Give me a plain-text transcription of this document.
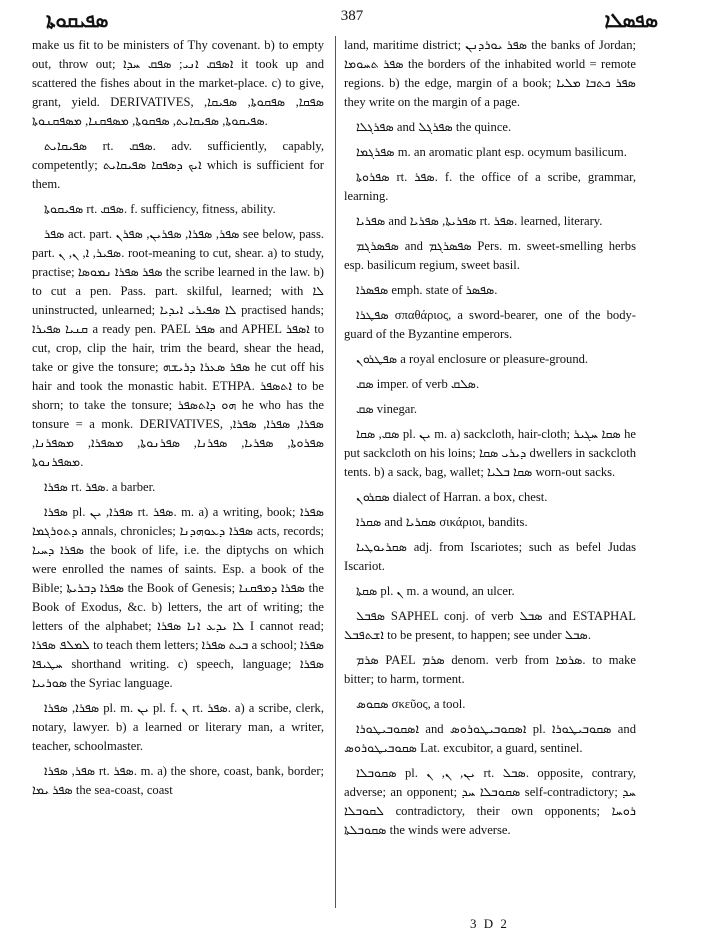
ܣܦܝܩܘܬܐ	387	ܣܦܣܠܐ

make us fit to be ministers of Thy covenant. b) to empty out, throw out; ܐܣܦܩ ܐܢܝ; ܣܦܩ ܚܕܐ it took up and scattered the fishes about in the market-place. c) to give, grant, yield. DERIVATIVES, ܣܦܩܐ, ܣܦܩܘܬܐ, ܣܦܝܩܐ, ܣܦܝܩܘܬܐ, ܣܦܝܩܐܝܬ, ܣܦܩܘܬܐ, ܡܣܦܩܢܐ, ܡܣܦܩܢܘܬܐ.

ܣܦܝܩܐܝܬ rt. ܣܦܩ. adv. sufficiently, capably, competently; ܐܝܟ ܕܣܦܩܐ ܣܦܝܩܐܝܬ which is sufficient for them.

ܣܦܝܩܘܬܐ rt. ܣܦܩ. f. sufficiency, fitness, ability.

ܣܦܪ act. part. ܣܦܪ, ܣܦܪܐ, ܣܦܪܝܢ, ܣܦܪܢ see below, pass. part. ܣܦܝܪ, ܐ, ܢ, ܢ. root-meaning to cut, shear. a) to study, practise; ܣܦܪ ܣܦܪܐ ܢܡܘܣܐ the scribe learned in the law. b) to cut a pen. Pass. part. skilful, learned; with ܠܐ uninstructed, unlearned; ܠܐ ܣܦܝܪܝ ܐܝܕܝܐ practised hands; ܩܢܝܐ ܣܦܝܪܐ a ready pen. PAEL ܣܦܪ and APHEL ܐܣܦܪ to cut, crop, clip the hair, trim the beard, shear the head, take or give the tonsure; ܣܦܪ ܣܥܪܐ ܕܪܝܫܗ he cut off his hair and took the monastic habit. ETHPA. ܐܬܣܦܪ to be shorn; to take the tonsure; ܗܘ ܕܐܬܣܦܪ he who has the tonsure = a monk. DERIVATIVES, ܣܦܪܐ, ܣܦܪܐ, ܣܦܪܐ, ܣܦܪܘܬܐ, ܣܦܪܝܐ, ܣܦܪܢܐ, ܣܦܪܢܘܬܐ, ܡܣܦܪܐ, ܡܣܦܪܢܐ, ܡܣܦܪܢܘܬܐ.

ܣܦܪܐ rt. ܣܦܪ. a barber.

ܣܦܪܐ pl. ܣܦܪܐ, ܝܢ rt. ܣܦܪ. m. a) a writing, book; ܣܦܪܐ ܕܬܘܪܓܡܐ annals, chronicles; ܣܦܪܐ ܕܥܘܗܕܢܐ acts, records; ܣܦܪܐ ܕܚܝܐ the book of life, i.e. the diptychs on which were enrolled the names of saints. Esp. a book of the Bible; ܣܦܪܐ ܕܒܪܝܬܐ the Book of Genesis; ܣܦܪܐ ܕܡܦܩܢܐ the Book of Exodus, &c. b) letters, the art of writing; the letters of the alphabet; ܠܐ ܝܕܥ ܐܢܐ ܣܦܪܐ I cannot read; ܠܡܠܦ ܣܦܪܐ to teach them letters; ܒܝܬ ܣܦܪܐ a school; ܣܦܪܐ ܚܛܝܦܐ shorthand writing. c) speech, language; ܣܦܪܐ ܣܘܪܝܝܐ the Syriac language.

ܣܦܪܐ, ܣܦܪܐ pl. m. ܝܢ pl. f. ܢ rt. ܣܦܪ. a) a scribe, clerk, notary, lawyer. b) a learned or literary man, a writer, teacher, schoolmaster.

ܣܦܪ, ܣܦܪܐ rt. ܣܦܪ. m. a) the shore, coast, bank, border; ܣܦܪ ܝܡܐ the sea-coast, coast

land, maritime district; ܣܦܪ ܝܘܪܕܢܢ the banks of Jordan; ܣܦܪ ܬܚܘܡܐ the borders of the inhabited world = remote regions. b) the edge, margin of a book; ܣܦܪ ܟܬܒܐ ܡܠܝܐ they write on the margin of a page.

ܣܦܪܓܠܐ and ܣܦܪܓܠ the quince.

ܣܦܪܓܡܐ m. an aromatic plant esp. ocymum basilicum.

ܣܦܪܘܬܐ rt. ܣܦܪ. f. the office of a scribe, grammar, learning.

ܣܦܪܝܐ and ܣܦܪܝܬܐ, ܣܦܪܝܐ rt. ܣܦܪ. learned, literary.

ܣܦܣܪܓܡ and ܣܦܣܪܓܡ Pers. m. sweet-smelling herbs esp. basilicum regium, sweet basil.

ܣܦܣܪܐ emph. state of ܣܦܣܪ.

ܣܦܛܪܐ σπαθάριος, a sword-bearer, one of the body-guard of the Byzantine emperors.

ܣܦܛܪܘܢ a royal enclosure or pleasure-ground.

ܣܩ imper. of verb ܣܠܩ.

ܣܩ vinegar.

ܣܩ, ܣܩܐ pl. ܝܢ m. a) sackcloth, hair-cloth; ܣܩܐ ܚܓܝܪ he put sackcloth on his loins; ܕܝܪܝ ܣܩܐ dwellers in sackcloth tents. b) a sack, bag, wallet; ܣܩܐ ܒܠܝܐ worn-out sacks.

ܣܩܪܘܢ dialect of Harran. a box, chest.

ܣܩܪܐ and ܣܩܪܝܐ σικάριοι, bandits.

ܣܩܪܝܘܛܝܐ adj. from Iscariotes; such as befel Judas Iscariot.

ܣܩܬܐ pl. ܢ m. a wound, an ulcer.

ܣܦܒܠ SAPHEL conj. of verb ܣܒܠ and ESTAPHAL ܐܫܬܦܒܠ to be present, to happen; see under ܣܒܠ.

ܣܪܡ PAEL ܣܪܡ denom. verb from ܣܪܡܐ. to make bitter; to harm, torment.

ܣܩܘܣ σκεῦος, a tool.

ܐܣܩܘܒܝܛܘܪܐ and ܐܣܩܘܒܝܛܘܪܘܣ pl. ܣܩܘܒܝܛܘܪܐ and ܣܩܘܒܝܛܘܪܘܣ Lat. excubitor, a guard, sentinel.

ܣܩܘܒܠܐ pl. ܝܢ, ܢ, ܢ rt. ܣܒܠ. opposite, contrary, adverse; an opponent; ܣܩܘܒܠܐ ܚܕ self-contradictory; ܚܕ ܠܩܘܒܠܐ contradictory, their own opponents; ܪܘܚܐ ܣܩܘܒܠܬܐ the winds were adverse.

3 D 2
